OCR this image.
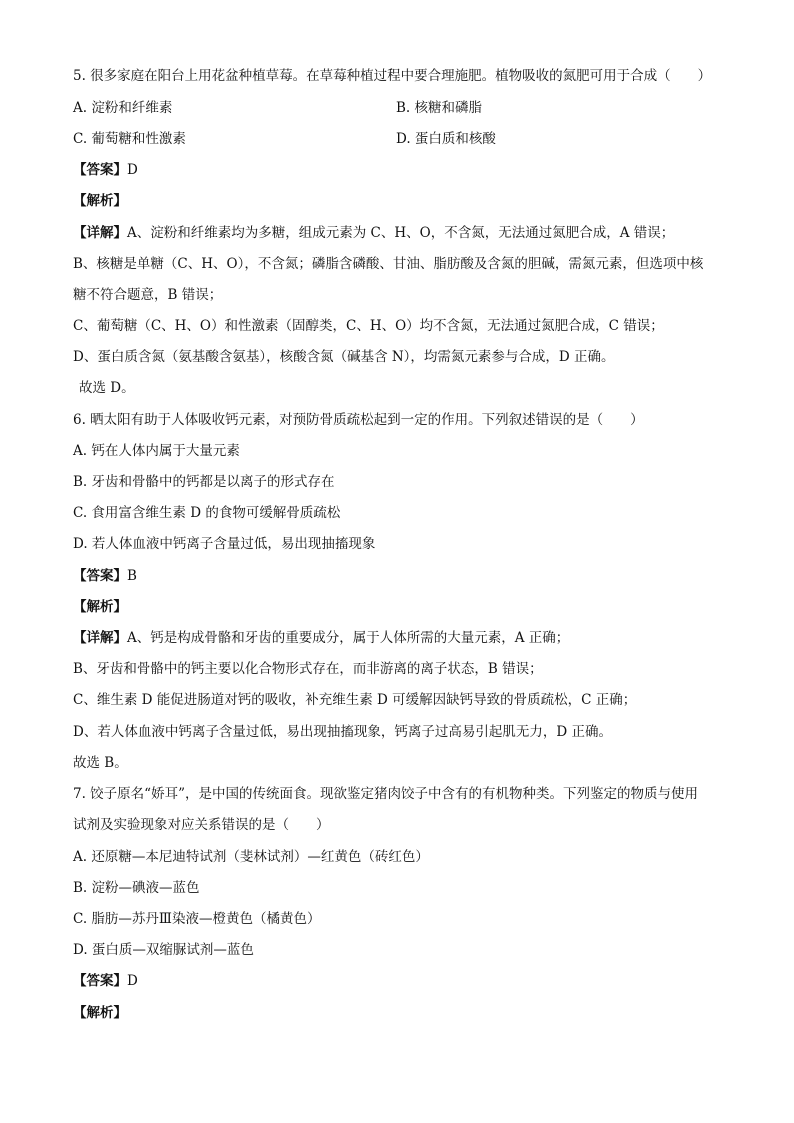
5. 很多家庭在阳台上用花盆种植草莓。在草莓种植过程中要合理施肥。植物吸收的氮肥可用于合成（　　）
A. 淀粉和纤维素	B. 核糖和磷脂
C. 葡萄糖和性激素	D. 蛋白质和核酸
【答案】D
【解析】
【详解】A、淀粉和纤维素均为多糖，组成元素为 C、H、O，不含氮，无法通过氮肥合成，A 错误；
B、核糖是单糖（C、H、O），不含氮；磷脂含磷酸、甘油、脂肪酸及含氮的胆碱，需氮元素，但选项中核
糖不符合题意，B 错误；
C、葡萄糖（C、H、O）和性激素（固醇类，C、H、O）均不含氮，无法通过氮肥合成，C 错误；
D、蛋白质含氮（氨基酸含氨基），核酸含氮（碱基含 N），均需氮元素参与合成，D 正确。
故选 D。
6. 晒太阳有助于人体吸收钙元素，对预防骨质疏松起到一定的作用。下列叙述错误的是（　　）
A. 钙在人体内属于大量元素
B. 牙齿和骨骼中的钙都是以离子的形式存在
C. 食用富含维生素 D 的食物可缓解骨质疏松
D. 若人体血液中钙离子含量过低，易出现抽搐现象
【答案】B
【解析】
【详解】A、钙是构成骨骼和牙齿的重要成分，属于人体所需的大量元素，A 正确；
B、牙齿和骨骼中的钙主要以化合物形式存在，而非游离的离子状态，B 错误；
C、维生素 D 能促进肠道对钙的吸收，补充维生素 D 可缓解因缺钙导致的骨质疏松，C 正确；
D、若人体血液中钙离子含量过低，易出现抽搐现象，钙离子过高易引起肌无力，D 正确。
故选 B。
7. 饺子原名“娇耳”，是中国的传统面食。现欲鉴定猪肉饺子中含有的有机物种类。下列鉴定的物质与使用
试剂及实验现象对应关系错误的是（　　）
A. 还原糖—本尼迪特试剂（斐林试剂）—红黄色（砖红色）
B. 淀粉—碘液—蓝色
C. 脂肪—苏丹Ⅲ染液—橙黄色（橘黄色）
D. 蛋白质—双缩脲试剂—蓝色
【答案】D
【解析】
